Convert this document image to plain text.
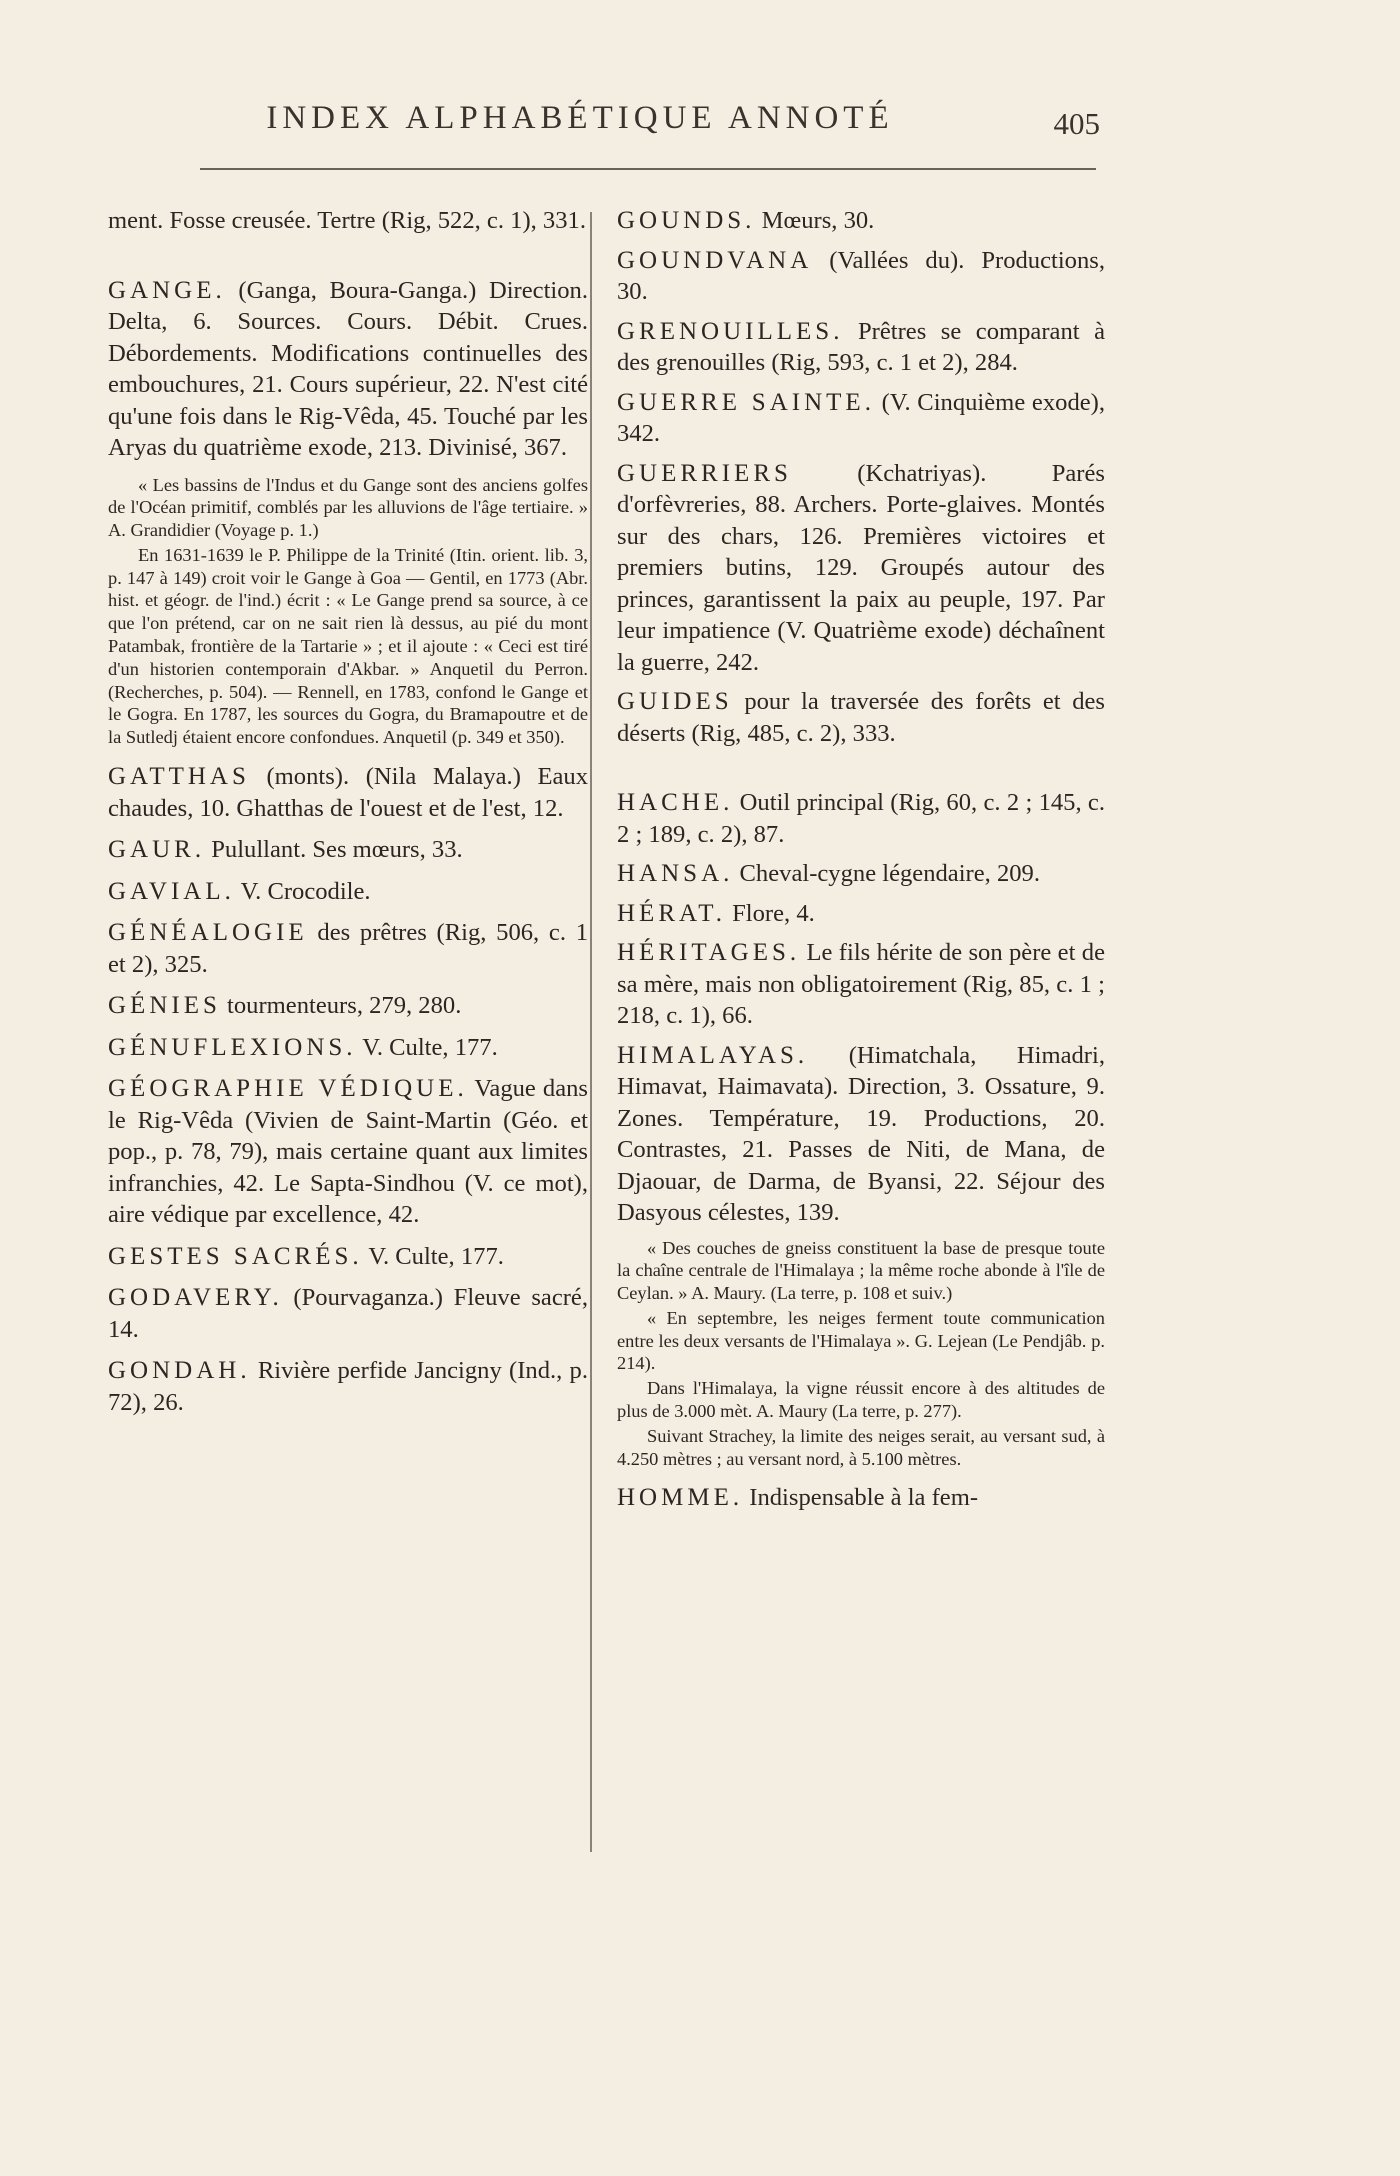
INDEX ALPHABÉTIQUE ANNOTÉ	405

ment. Fosse creusée. Tertre (Rig, 522, c. 1), 331.

GANGE. (Ganga, Boura-Ganga.) Direction. Delta, 6. Sources. Cours. Débit. Crues. Débordements. Modifications continuelles des embouchures, 21. Cours supérieur, 22. N'est cité qu'une fois dans le Rig-Vêda, 45. Touché par les Aryas du quatrième exode, 213. Divinisé, 367.

« Les bassins de l'Indus et du Gange sont des anciens golfes de l'Océan primitif, comblés par les alluvions de l'âge tertiaire. » A. Grandidier (Voyage p. 1.)

En 1631-1639 le P. Philippe de la Trinité (Itin. orient. lib. 3, p. 147 à 149) croit voir le Gange à Goa — Gentil, en 1773 (Abr. hist. et géogr. de l'ind.) écrit : « Le Gange prend sa source, à ce que l'on prétend, car on ne sait rien là dessus, au pié du mont Patambak, frontière de la Tartarie » ; et il ajoute : « Ceci est tiré d'un historien contemporain d'Akbar. » Anquetil du Perron. (Recherches, p. 504). — Rennell, en 1783, confond le Gange et le Gogra. En 1787, les sources du Gogra, du Bramapoutre et de la Sutledj étaient encore confondues. Anquetil (p. 349 et 350).

GATTHAS (monts). (Nila Malaya.) Eaux chaudes, 10. Ghatthas de l'ouest et de l'est, 12.

GAUR. Pulullant. Ses mœurs, 33.

GAVIAL. V. Crocodile.

GÉNÉALOGIE des prêtres (Rig, 506, c. 1 et 2), 325.

GÉNIES tourmenteurs, 279, 280.

GÉNUFLEXIONS. V. Culte, 177.

GÉOGRAPHIE VÉDIQUE. Vague dans le Rig-Vêda (Vivien de Saint-Martin (Géo. et pop., p. 78, 79), mais certaine quant aux limites infranchies, 42. Le Sapta-Sindhou (V. ce mot), aire védique par excellence, 42.

GESTES SACRÉS. V. Culte, 177.

GODAVERY. (Pourvaganza.) Fleuve sacré, 14.

GONDAH. Rivière perfide Jancigny (Ind., p. 72), 26.

GOUNDS. Mœurs, 30.

GOUNDVANA (Vallées du). Productions, 30.

GRENOUILLES. Prêtres se comparant à des grenouilles (Rig, 593, c. 1 et 2), 284.

GUERRE SAINTE. (V. Cinquième exode), 342.

GUERRIERS	(Kchatriyas). Parés d'orfèvreries, 88. Archers. Porte-glaives. Montés sur des chars, 126. Premières victoires et premiers butins, 129. Groupés autour des princes, garantissent la paix au peuple, 197. Par leur impatience (V. Quatrième exode) déchaînent la guerre, 242.

GUIDES pour la traversée des forêts et des déserts (Rig, 485, c. 2), 333.

HACHE. Outil principal (Rig, 60, c. 2 ; 145, c. 2 ; 189, c. 2), 87.

HANSA. Cheval-cygne légendaire, 209.

HÉRAT. Flore, 4.

HÉRITAGES. Le fils hérite de son père et de sa mère, mais non obligatoirement (Rig, 85, c. 1 ; 218, c. 1), 66.

HIMALAYAS. (Himatchala, Himadri, Himavat, Haimavata). Direction, 3. Ossature, 9. Zones. Température, 19. Productions, 20. Contrastes, 21. Passes de Niti, de Mana, de Djaouar, de Darma, de Byansi, 22. Séjour des Dasyous célestes, 139.

« Des couches de gneiss constituent la base de presque toute la chaîne centrale de l'Himalaya ; la même roche abonde à l'île de Ceylan. » A. Maury. (La terre, p. 108 et suiv.)

« En septembre, les neiges ferment toute communication entre les deux versants de l'Himalaya ». G. Lejean (Le Pendjâb. p. 214).

Dans l'Himalaya, la vigne réussit encore à des altitudes de plus de 3.000 mèt. A. Maury (La terre, p. 277).

Suivant Strachey, la limite des neiges serait, au versant sud, à 4.250 mètres ; au versant nord, à 5.100 mètres.

HOMME. Indispensable à la fem-
